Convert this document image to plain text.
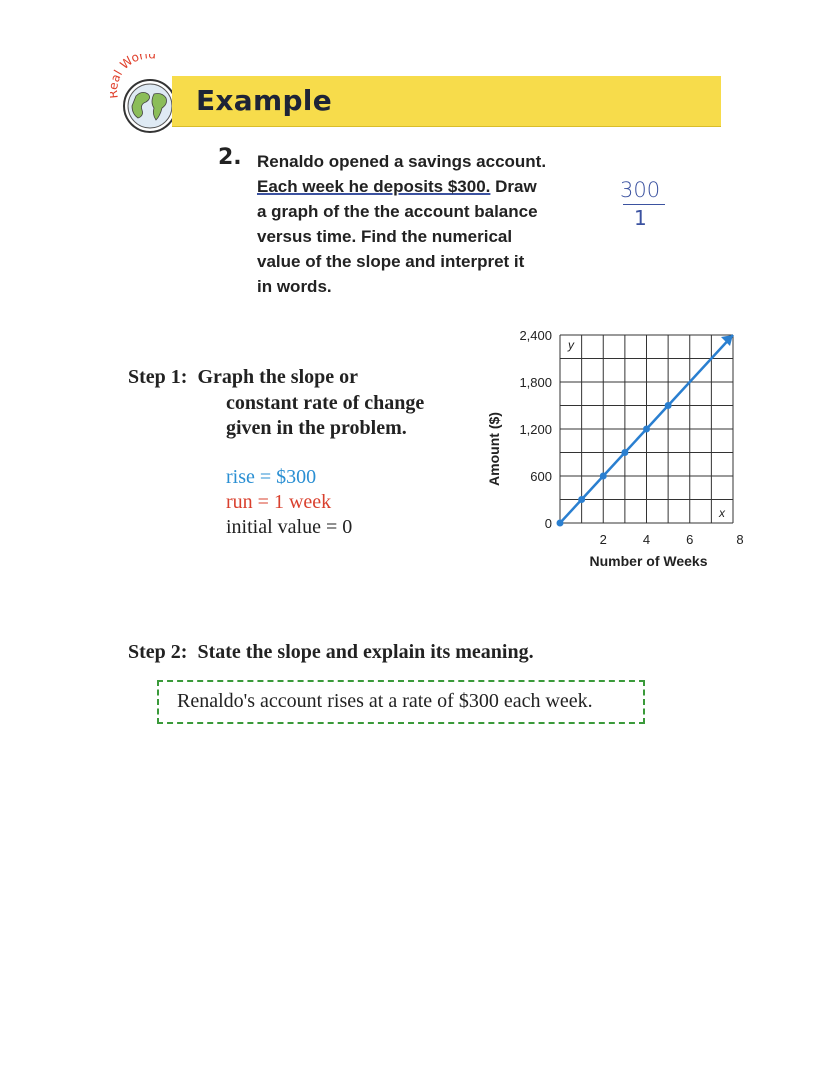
l World
Example
2. Renaldo opened a savings account.
Each week he deposits $300. Draw
a graph of the the account balance
versus time. Find the numerical
value of the slope and interpret it
in words.
300
1
Step 1:  Graph the slope or
constant rate of change
given in the problem.
rise = $300
run = 1 week
initial value = 0	0
600
1,200
1,800
2,400
2	4	6	8
y
x
Number of Weeks
Amount ($)
Step 2:  State the slope and explain its meaning.
Renaldo's account rises at a rate of $300 each week.
